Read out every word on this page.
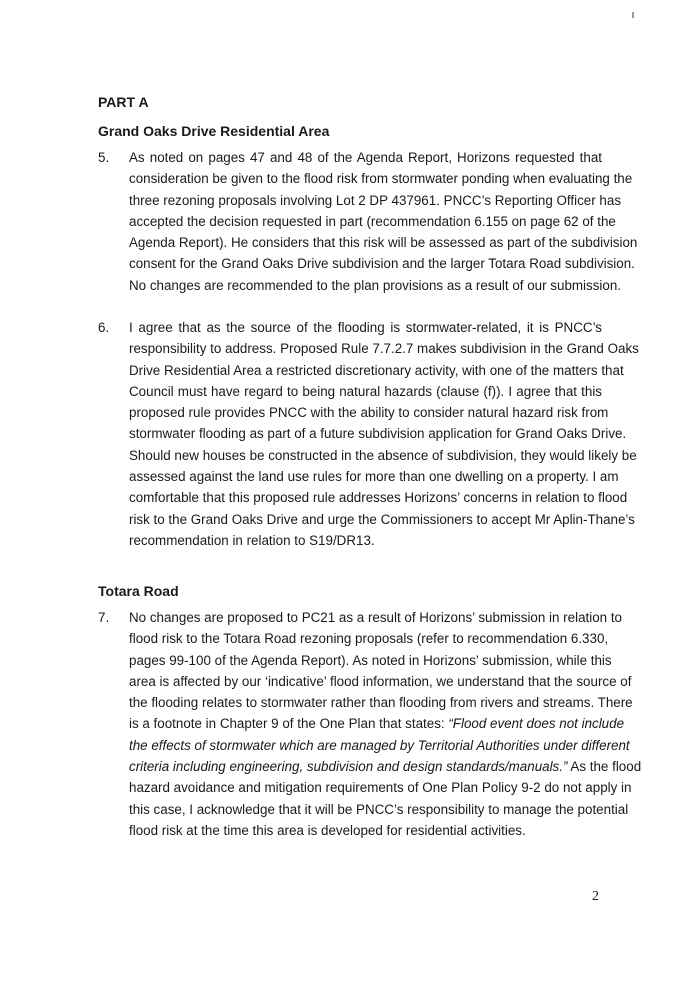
PART A
Grand Oaks Drive Residential Area
5. As noted on pages 47 and 48 of the Agenda Report, Horizons requested that
consideration be given to the flood risk from stormwater ponding when evaluating the
three rezoning proposals involving Lot 2 DP 437961. PNCC’s Reporting Officer has
accepted the decision requested in part (recommendation 6.155 on page 62 of the
Agenda Report). He considers that this risk will be assessed as part of the subdivision
consent for the Grand Oaks Drive subdivision and the larger Totara Road subdivision.
No changes are recommended to the plan provisions as a result of our submission.
6. I agree that as the source of the flooding is stormwater-related, it is PNCC’s
responsibility to address. Proposed Rule 7.7.2.7 makes subdivision in the Grand Oaks
Drive Residential Area a restricted discretionary activity, with one of the matters that
Council must have regard to being natural hazards (clause (f)). I agree that this
proposed rule provides PNCC with the ability to consider natural hazard risk from
stormwater flooding as part of a future subdivision application for Grand Oaks Drive.
Should new houses be constructed in the absence of subdivision, they would likely be
assessed against the land use rules for more than one dwelling on a property. I am
comfortable that this proposed rule addresses Horizons’ concerns in relation to flood
risk to the Grand Oaks Drive and urge the Commissioners to accept Mr Aplin-Thane’s
recommendation in relation to S19/DR13.
Totara Road
7. No changes are proposed to PC21 as a result of Horizons’ submission in relation to
flood risk to the Totara Road rezoning proposals (refer to recommendation 6.330,
pages 99-100 of the Agenda Report). As noted in Horizons’ submission, while this
area is affected by our ‘indicative’ flood information, we understand that the source of
the flooding relates to stormwater rather than flooding from rivers and streams. There
is a footnote in Chapter 9 of the One Plan that states: “Flood event does not include
the effects of stormwater which are managed by Territorial Authorities under different
criteria including engineering, subdivision and design standards/manuals.” As the flood
hazard avoidance and mitigation requirements of One Plan Policy 9-2 do not apply in
this case, I acknowledge that it will be PNCC’s responsibility to manage the potential
flood risk at the time this area is developed for residential activities.
2
